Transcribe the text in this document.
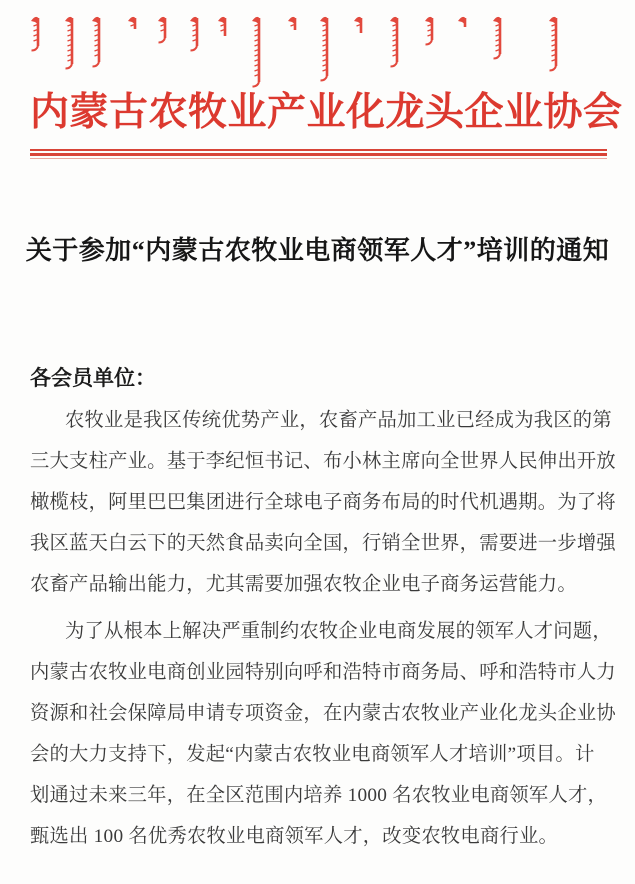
内蒙古农牧业产业化龙头企业协会
关于参加“内蒙古农牧业电商领军人才”培训的通知
各会员单位：
农牧业是我区传统优势产业，农畜产品加工业已经成为我区的第
三大支柱产业。基于李纪恒书记、布小林主席向全世界人民伸出开放
橄榄枝，阿里巴巴集团进行全球电子商务布局的时代机遇期。为了将
我区蓝天白云下的天然食品卖向全国，行销全世界，需要进一步增强
农畜产品输出能力，尤其需要加强农牧企业电子商务运营能力。
为了从根本上解决严重制约农牧企业电商发展的领军人才问题，
内蒙古农牧业电商创业园特别向呼和浩特市商务局、呼和浩特市人力
资源和社会保障局申请专项资金，在内蒙古农牧业产业化龙头企业协
会的大力支持下，发起“内蒙古农牧业电商领军人才培训”项目。计
划通过未来三年，在全区范围内培养 1000 名农牧业电商领军人才，
甄选出 100 名优秀农牧业电商领军人才，改变农牧电商行业。
